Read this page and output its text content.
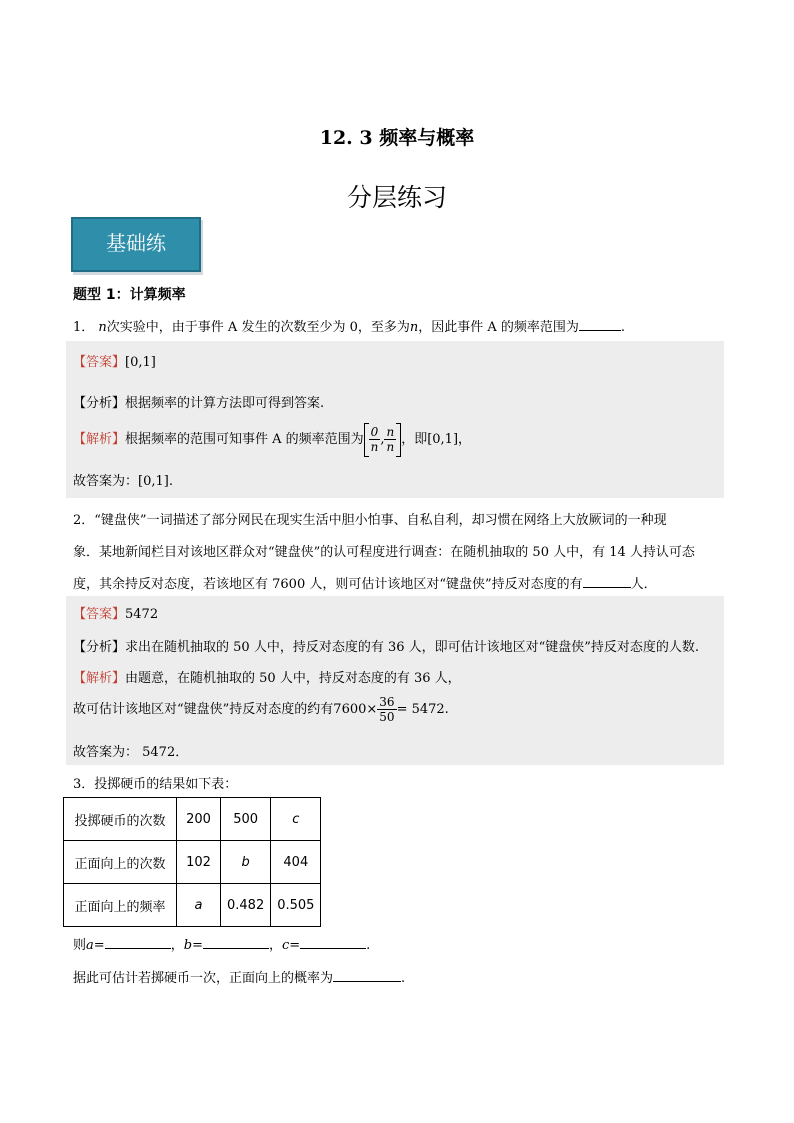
12. 3 频率与概率
分层练习
基础练
题型 1：计算频率
1． n次实验中，由于事件 A 发生的次数至少为 0，至多为n，因此事件 A 的频率范围为	.
【答案】[0,1]
【分析】根据频率的计算方法即可得到答案.
【解析】根据频率的范围可知事件 A 的频率范围为 $\frac{0}{n}$ , $\frac{n}{n}$ ，即[0,1]，
故答案为：[0,1].
2．“键盘侠”一词描述了部分网民在现实生活中胆小怕事、自私自利，却习惯在网络上大放厥词的一种现
象．某地新闻栏目对该地区群众对“键盘侠”的认可程度进行调查：在随机抽取的 50 人中，有 14 人持认可态
度，其余持反对态度，若该地区有 7600 人，则可估计该地区对“键盘侠”持反对态度的有	人．
【答案】5472
【分析】求出在随机抽取的 50 人中，持反对态度的有 36 人，即可估计该地区对“键盘侠”持反对态度的人数.
【解析】由题意，在随机抽取的 50 人中，持反对态度的有 36 人，
故可估计该地区对“键盘侠”持反对态度的约有$7600\times \frac{36}{50} = 5472$.
故答案为： 5472．
3．投掷硬币的结果如下表：
投掷硬币的次数	200	500	c
正面向上的次数	102	b	404
正面向上的频率	a	0.482	0.505
则a=	，b=	，c=	.
据此可估计若掷硬币一次，正面向上的概率为	.
